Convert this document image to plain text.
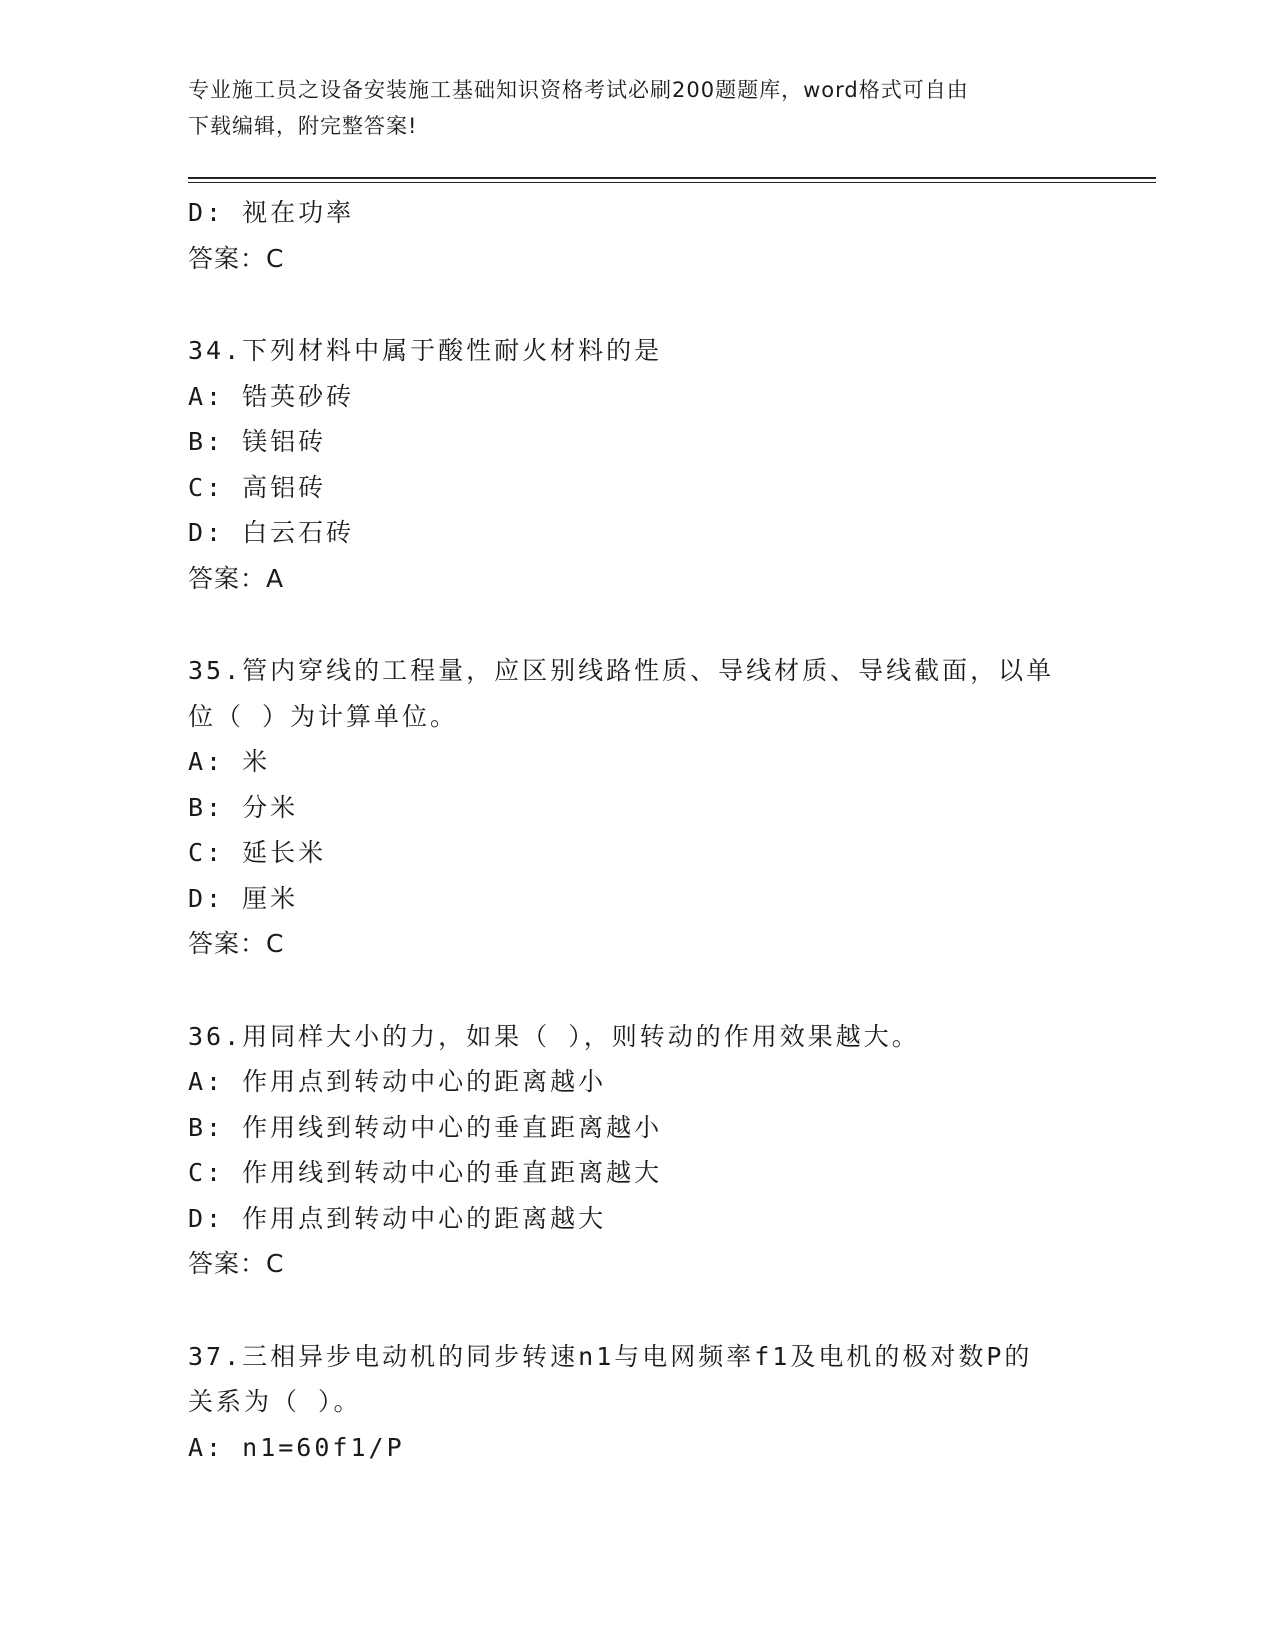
专业施工员之设备安装施工基础知识资格考试必刷200题题库，word格式可自由
下载编辑，附完整答案!
D: 视在功率
答案：C
34.下列材料中属于酸性耐火材料的是
A: 锆英砂砖
B: 镁铝砖
C: 高铝砖
D: 白云石砖
答案：A
35.管内穿线的工程量，应区别线路性质、导线材质、导线截面，以单
位（ ）为计算单位。
A: 米
B: 分米
C: 延长米
D: 厘米
答案：C
36.用同样大小的力，如果（ ），则转动的作用效果越大。
A: 作用点到转动中心的距离越小
B: 作用线到转动中心的垂直距离越小
C: 作用线到转动中心的垂直距离越大
D: 作用点到转动中心的距离越大
答案：C
37.三相异步电动机的同步转速n1与电网频率f1及电机的极对数P的
关系为（ ）。
A: n1=60f1/P
